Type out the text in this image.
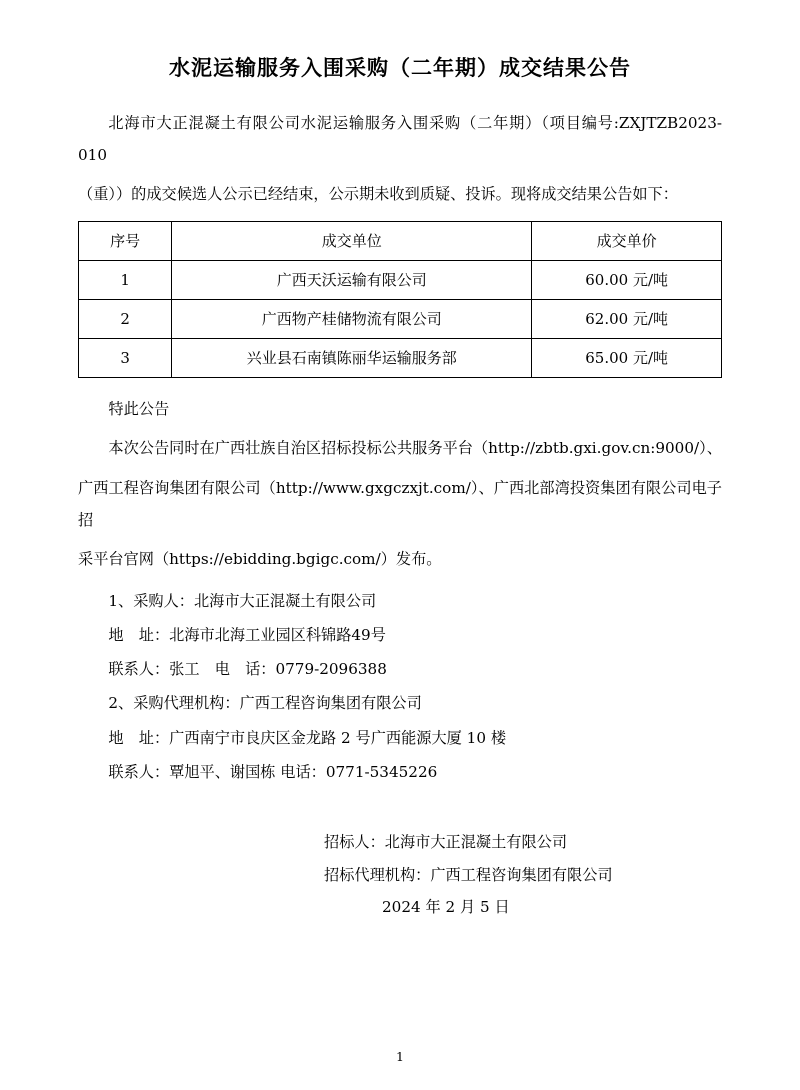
水泥运输服务入围采购（二年期）成交结果公告

北海市大正混凝土有限公司水泥运输服务入围采购（二年期）（项目编号:ZXJTZB2023-010

（重））的成交候选人公示已经结束，公示期未收到质疑、投诉。现将成交结果公告如下：

序号	成交单位	成交单价
1	广西天沃运输有限公司	60.00 元/吨
2	广西物产桂储物流有限公司	62.00 元/吨
3	兴业县石南镇陈丽华运输服务部	65.00 元/吨

特此公告

本次公告同时在广西壮族自治区招标投标公共服务平台（http://zbtb.gxi.gov.cn:9000/）、

广西工程咨询集团有限公司（http://www.gxgczxjt.com/）、广西北部湾投资集团有限公司电子招

采平台官网（https://ebidding.bgigc.com/）发布。

1、采购人：北海市大正混凝土有限公司

地　址：北海市北海工业园区科锦路49号

联系人：张工　电　话：0779-2096388

2、采购代理机构：广西工程咨询集团有限公司

地　址：广西南宁市良庆区金龙路 2 号广西能源大厦 10 楼

联系人：覃旭平、谢国栋 电话：0771-5345226

招标人：北海市大正混凝土有限公司

招标代理机构：广西工程咨询集团有限公司

2024 年 2 月 5 日

1
